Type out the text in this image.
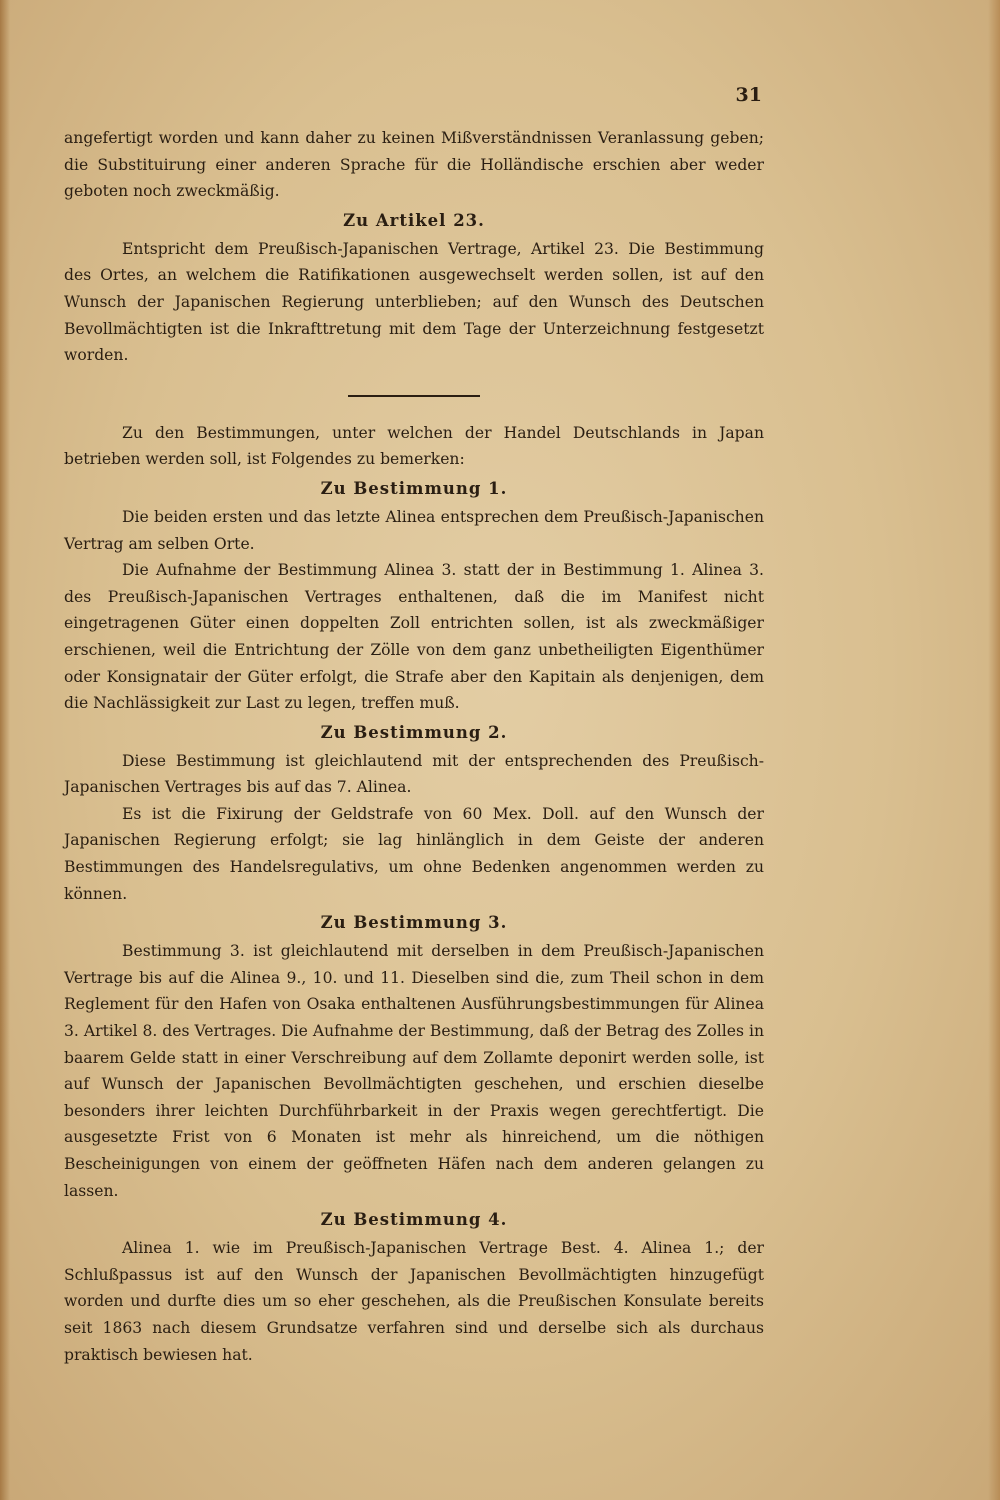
31

angefertigt worden und kann daher zu keinen Mißverständnissen Veranlassung geben; die Substituirung einer anderen Sprache für die Holländische erschien aber weder geboten noch zweckmäßig.

Zu Artikel 23.

Entspricht dem Preußisch-Japanischen Vertrage, Artikel 23. Die Bestimmung des Ortes, an welchem die Ratifikationen ausgewechselt werden sollen, ist auf den Wunsch der Japanischen Regierung unterblieben; auf den Wunsch des Deutschen Bevollmächtigten ist die Inkrafttretung mit dem Tage der Unterzeichnung festgesetzt worden.

Zu den Bestimmungen, unter welchen der Handel Deutschlands in Japan betrieben werden soll, ist Folgendes zu bemerken:

Zu Bestimmung 1.

Die beiden ersten und das letzte Alinea entsprechen dem Preußisch-Japanischen Vertrag am selben Orte.

Die Aufnahme der Bestimmung Alinea 3. statt der in Bestimmung 1. Alinea 3. des Preußisch-Japanischen Vertrages enthaltenen, daß die im Manifest nicht eingetragenen Güter einen doppelten Zoll entrichten sollen, ist als zweckmäßiger erschienen, weil die Entrichtung der Zölle von dem ganz unbetheiligten Eigenthümer oder Konsignatair der Güter erfolgt, die Strafe aber den Kapitain als denjenigen, dem die Nachlässigkeit zur Last zu legen, treffen muß.

Zu Bestimmung 2.

Diese Bestimmung ist gleichlautend mit der entsprechenden des Preußisch-Japanischen Vertrages bis auf das 7. Alinea.

Es ist die Fixirung der Geldstrafe von 60 Mex. Doll. auf den Wunsch der Japanischen Regierung erfolgt; sie lag hinlänglich in dem Geiste der anderen Bestimmungen des Handelsregulativs, um ohne Bedenken angenommen werden zu können.

Zu Bestimmung 3.

Bestimmung 3. ist gleichlautend mit derselben in dem Preußisch-Japanischen Vertrage bis auf die Alinea 9., 10. und 11. Dieselben sind die, zum Theil schon in dem Reglement für den Hafen von Osaka enthaltenen Ausführungsbestimmungen für Alinea 3. Artikel 8. des Vertrages. Die Aufnahme der Bestimmung, daß der Betrag des Zolles in baarem Gelde statt in einer Verschreibung auf dem Zollamte deponirt werden solle, ist auf Wunsch der Japanischen Bevollmächtigten geschehen, und erschien dieselbe besonders ihrer leichten Durchführbarkeit in der Praxis wegen gerechtfertigt. Die ausgesetzte Frist von 6 Monaten ist mehr als hinreichend, um die nöthigen Bescheinigungen von einem der geöffneten Häfen nach dem anderen gelangen zu lassen.

Zu Bestimmung 4.

Alinea 1. wie im Preußisch-Japanischen Vertrage Best. 4. Alinea 1.; der Schlußpassus ist auf den Wunsch der Japanischen Bevollmächtigten hinzugefügt worden und durfte dies um so eher geschehen, als die Preußischen Konsulate bereits seit 1863 nach diesem Grundsatze verfahren sind und derselbe sich als durchaus praktisch bewiesen hat.
